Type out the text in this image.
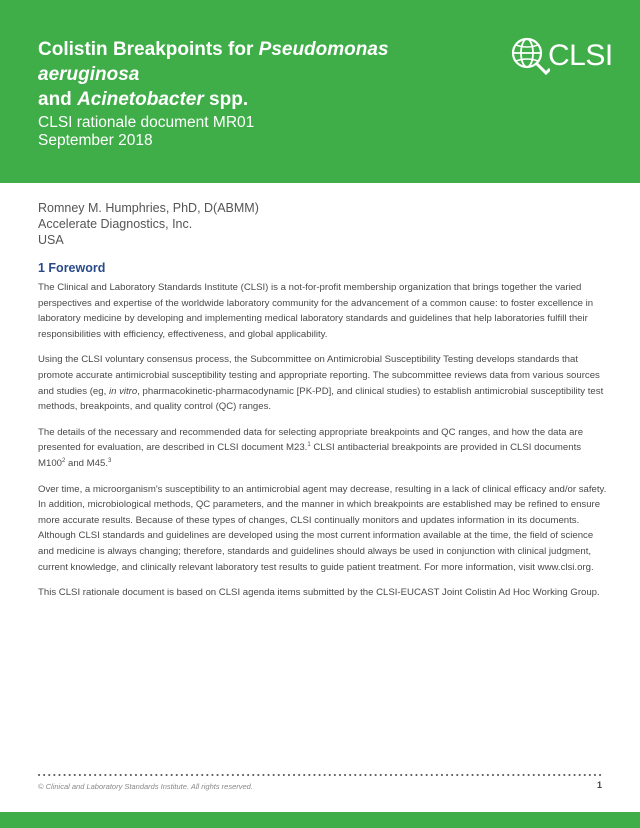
Colistin Breakpoints for Pseudomonas aeruginosa
and Acinetobacter spp.
CLSI
CLSI rationale document MR01
September 2018
Romney M. Humphries, PhD, D(ABMM)
Accelerate Diagnostics, Inc.
USA
1 Foreword

The Clinical and Laboratory Standards Institute (CLSI) is a not-for-profit membership organization that brings together the varied perspectives and expertise of the worldwide laboratory community for the advancement of a common cause: to foster excellence in laboratory medicine by developing and implementing medical laboratory standards and guidelines that help laboratories fulfill their responsibilities with efficiency, effectiveness, and global applicability.

Using the CLSI voluntary consensus process, the Subcommittee on Antimicrobial Susceptibility Testing develops standards that promote accurate antimicrobial susceptibility testing and appropriate reporting. The subcommittee reviews data from various sources and studies (eg, in vitro, pharmacokinetic-pharmacodynamic [PK-PD], and clinical studies) to establish antimicrobial susceptibility test methods, breakpoints, and quality control (QC) ranges.

The details of the necessary and recommended data for selecting appropriate breakpoints and QC ranges, and how the data are presented for evaluation, are described in CLSI document M23.$^1$ CLSI antibacterial breakpoints are provided in CLSI documents $M100^2$ and M45.$^3$

Over time, a microorganism's susceptibility to an antimicrobial agent may decrease, resulting in a lack of clinical efficacy and/or safety. In addition, microbiological methods, QC parameters, and the manner in which breakpoints are established may be refined to ensure more accurate results. Because of these types of changes, CLSI continually monitors and updates information in its documents. Although CLSI standards and guidelines are developed using the most current information available at the time, the field of science and medicine is always changing; therefore, standards and guidelines should always be used in conjunction with clinical judgment, current knowledge, and clinically relevant laboratory test results to guide patient treatment. For more information, visit www.clsi.org.

This CLSI rationale document is based on CLSI agenda items submitted by the CLSI-EUCAST Joint Colistin Ad Hoc Working Group.

© Clinical and Laboratory Standards Institute. All rights reserved.	1
